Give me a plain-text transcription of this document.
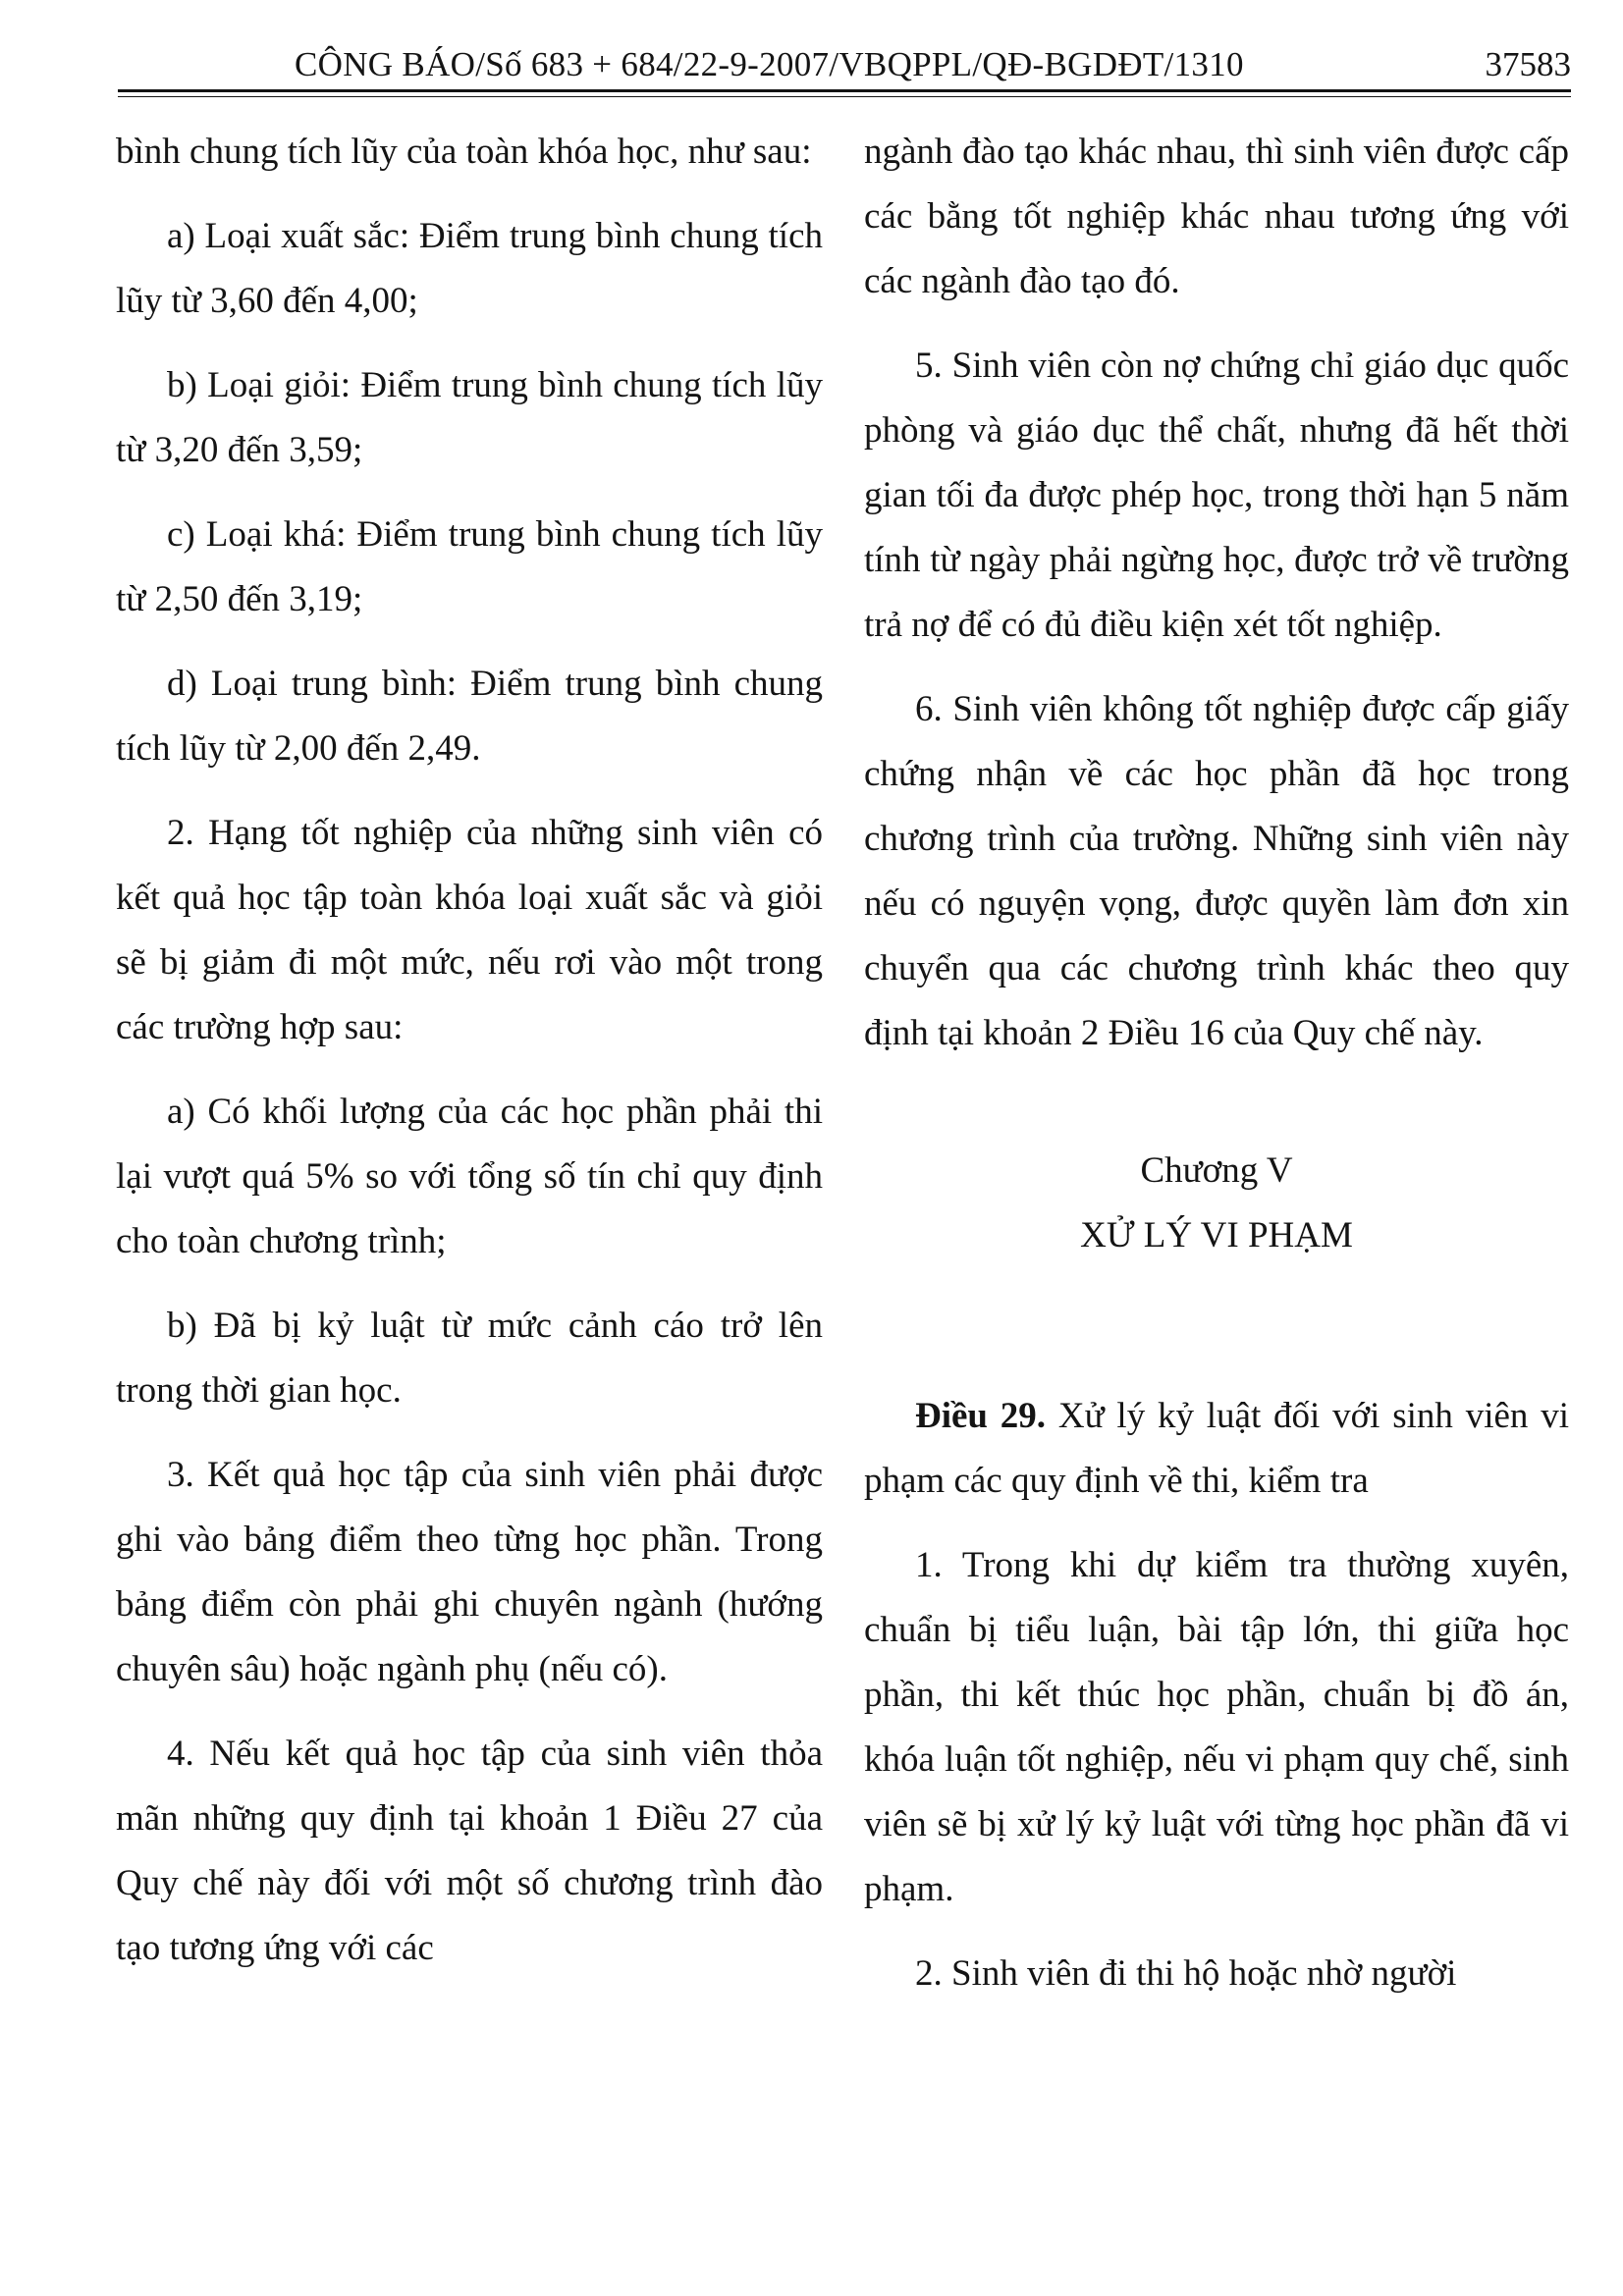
CÔNG BÁO/Số 683 + 684/22-9-2007/VBQPPL/QĐ-BGDĐT/1310	37583

bình chung tích lũy của toàn khóa học, như sau:

a) Loại xuất sắc: Điểm trung bình chung tích lũy từ 3,60 đến 4,00;

b) Loại giỏi: Điểm trung bình chung tích lũy từ 3,20 đến 3,59;

c) Loại khá: Điểm trung bình chung tích lũy từ 2,50 đến 3,19;

d) Loại trung bình: Điểm trung bình chung tích lũy từ 2,00 đến 2,49.

2. Hạng tốt nghiệp của những sinh viên có kết quả học tập toàn khóa loại xuất sắc và giỏi sẽ bị giảm đi một mức, nếu rơi vào một trong các trường hợp sau:

a) Có khối lượng của các học phần phải thi lại vượt quá 5% so với tổng số tín chỉ quy định cho toàn chương trình;

b) Đã bị kỷ luật từ mức cảnh cáo trở lên trong thời gian học.

3. Kết quả học tập của sinh viên phải được ghi vào bảng điểm theo từng học phần. Trong bảng điểm còn phải ghi chuyên ngành (hướng chuyên sâu) hoặc ngành phụ (nếu có).

4. Nếu kết quả học tập của sinh viên thỏa mãn những quy định tại khoản 1 Điều 27 của Quy chế này đối với một số chương trình đào tạo tương ứng với các

ngành đào tạo khác nhau, thì sinh viên được cấp các bằng tốt nghiệp khác nhau tương ứng với các ngành đào tạo đó.

5. Sinh viên còn nợ chứng chỉ giáo dục quốc phòng và giáo dục thể chất, nhưng đã hết thời gian tối đa được phép học, trong thời hạn 5 năm tính từ ngày phải ngừng học, được trở về trường trả nợ để có đủ điều kiện xét tốt nghiệp.

6. Sinh viên không tốt nghiệp được cấp giấy chứng nhận về các học phần đã học trong chương trình của trường. Những sinh viên này nếu có nguyện vọng, được quyền làm đơn xin chuyển qua các chương trình khác theo quy định tại khoản 2 Điều 16 của Quy chế này.

Chương V
XỬ LÝ VI PHẠM

Điều 29. Xử lý kỷ luật đối với sinh viên vi phạm các quy định về thi, kiểm tra

1. Trong khi dự kiểm tra thường xuyên, chuẩn bị tiểu luận, bài tập lớn, thi giữa học phần, thi kết thúc học phần, chuẩn bị đồ án, khóa luận tốt nghiệp, nếu vi phạm quy chế, sinh viên sẽ bị xử lý kỷ luật với từng học phần đã vi phạm.

2. Sinh viên đi thi hộ hoặc nhờ người
